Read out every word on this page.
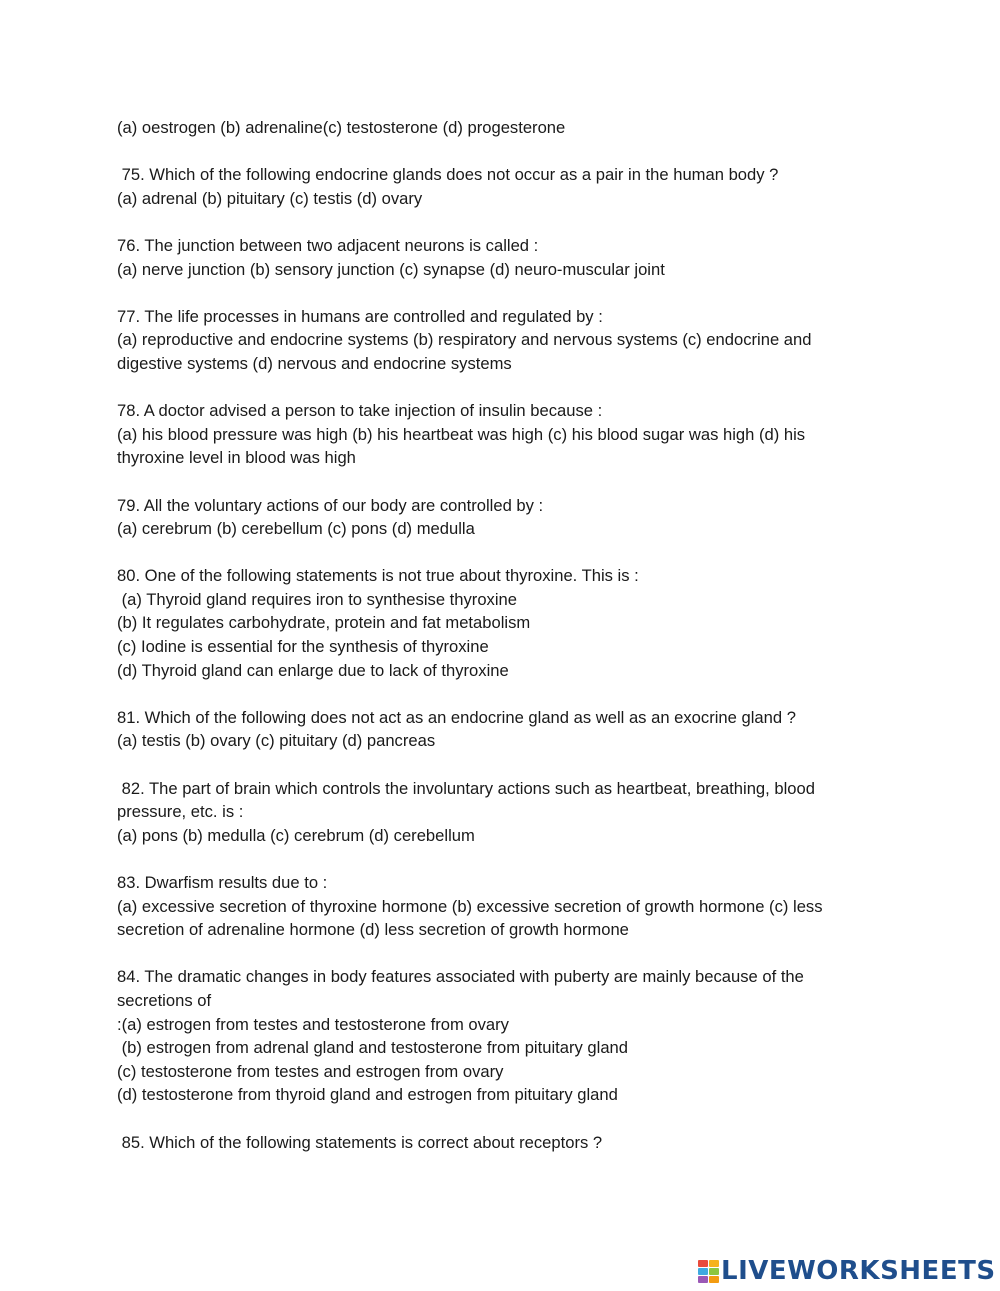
(a) oestrogen (b) adrenaline(c) testosterone (d) progesterone
75. Which of the following endocrine glands does not occur as a pair in the human body ?
(a) adrenal (b) pituitary (c) testis (d) ovary
76. The junction between two adjacent neurons is called :
(a) nerve junction (b) sensory junction (c) synapse (d) neuro-muscular joint
77. The life processes in humans are controlled and regulated by :
(a) reproductive and endocrine systems (b) respiratory and nervous systems (c) endocrine and
digestive systems (d) nervous and endocrine systems
78. A doctor advised a person to take injection of insulin because :
(a) his blood pressure was high (b) his heartbeat was high (c) his blood sugar was high (d) his
thyroxine level in blood was high
79. All the voluntary actions of our body are controlled by :
(a) cerebrum (b) cerebellum (c) pons (d) medulla
80. One of the following statements is not true about thyroxine. This is :
(a) Thyroid gland requires iron to synthesise thyroxine
(b) It regulates carbohydrate, protein and fat metabolism
(c) Iodine is essential for the synthesis of thyroxine
(d) Thyroid gland can enlarge due to lack of thyroxine
81. Which of the following does not act as an endocrine gland as well as an exocrine gland ?
(a) testis (b) ovary (c) pituitary (d) pancreas
82. The part of brain which controls the involuntary actions such as heartbeat, breathing, blood
pressure, etc. is :
(a) pons (b) medulla (c) cerebrum (d) cerebellum
83. Dwarfism results due to :
(a) excessive secretion of thyroxine hormone (b) excessive secretion of growth hormone (c) less
secretion of adrenaline hormone (d) less secretion of growth hormone
84. The dramatic changes in body features associated with puberty are mainly because of the
secretions of
:(a) estrogen from testes and testosterone from ovary
(b) estrogen from adrenal gland and testosterone from pituitary gland
(c) testosterone from testes and estrogen from ovary
(d) testosterone from thyroid gland and estrogen from pituitary gland
85. Which of the following statements is correct about receptors ?
LIVEWORKSHEETS
